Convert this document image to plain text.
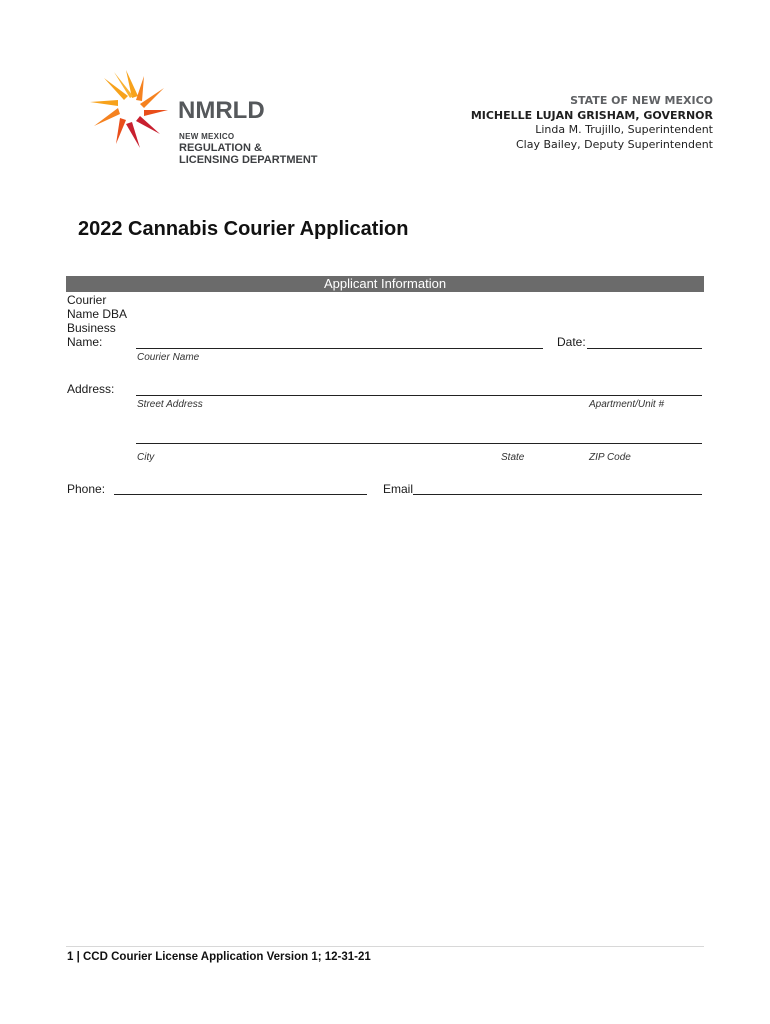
NMRLD
NEW MEXICO
REGULATION &
LICENSING DEPARTMENT
STATE OF NEW MEXICO
MICHELLE LUJAN GRISHAM, GOVERNOR
Linda M. Trujillo, Superintendent
Clay Bailey, Deputy Superintendent
2022 Cannabis Courier Application
Applicant Information
Courier
Name DBA
Business
Name:
Courier Name
Date:
Address:
Street Address	Apartment/Unit #
City	State	ZIP Code
Phone:	Email
1 | CCD Courier License Application Version 1; 12-31-21
